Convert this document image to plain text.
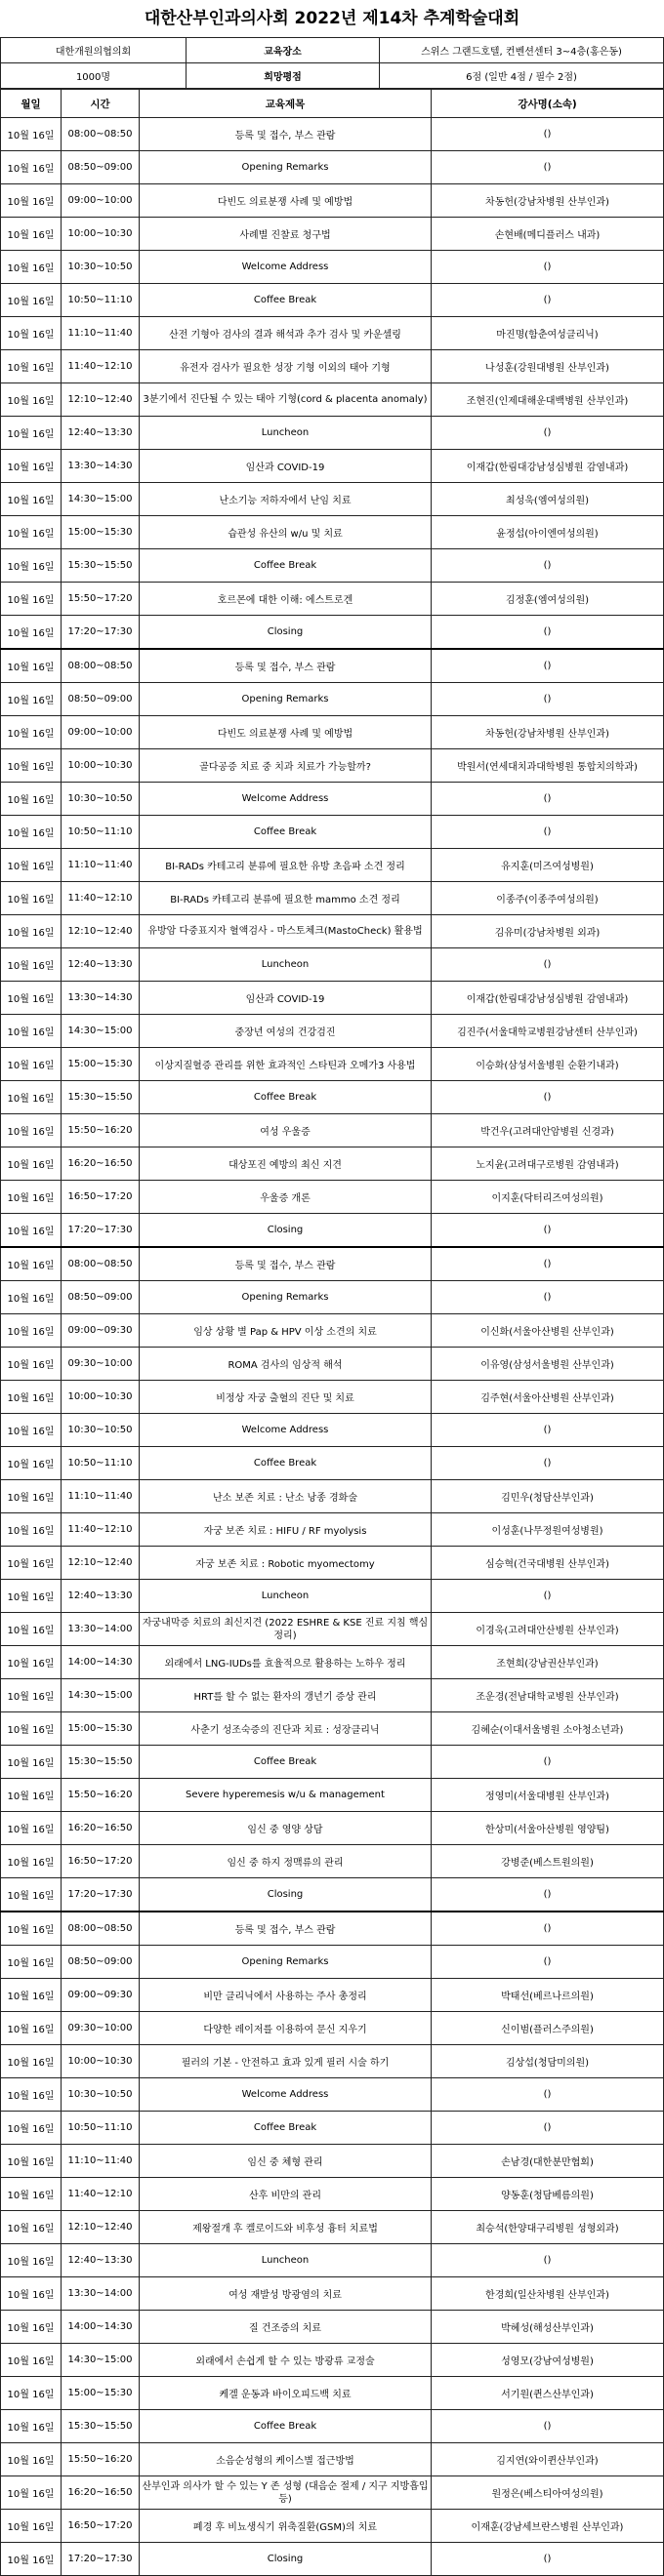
대한산부인과의사회 2022년 제14차 추계학술대회
대한개원의협의회	교육장소	스위스 그랜드호텔, 컨벤션센터 3~4층(홍은동)
1000명	희망평점	6점 (일반 4점 / 필수 2점)
월일	시간	교육제목	강사명(소속)
10월 16일	08:00~08:50	등록 및 접수, 부스 관람	()
10월 16일	08:50~09:00	Opening Remarks	()
10월 16일	09:00~10:00	다빈도 의료분쟁 사례 및 예방법	차동헌(강남차병원 산부인과)
10월 16일	10:00~10:30	사례별 진찰료 청구법	손현배(메디플러스 내과)
10월 16일	10:30~10:50	Welcome Address	()
10월 16일	10:50~11:10	Coffee Break	()
10월 16일	11:10~11:40	산전 기형아 검사의 결과 해석과 추가 검사 및 카운셀링	마진명(함춘여성클리닉)
10월 16일	11:40~12:10	유전자 검사가 필요한 성장 기형 이외의 태아 기형	나성훈(강원대병원 산부인과)
10월 16일	12:10~12:40	3분기에서 진단될 수 있는 태아 기형(cord & placenta anomaly)	조현진(인제대해운대백병원 산부인과)
10월 16일	12:40~13:30	Luncheon	()
10월 16일	13:30~14:30	임산과 COVID-19	이재갑(한림대강남성심병원 감염내과)
10월 16일	14:30~15:00	난소기능 저하자에서 난임 치료	최성욱(엠여성의원)
10월 16일	15:00~15:30	습관성 유산의 w/u 및 치료	윤정섭(아이엔여성의원)
10월 16일	15:30~15:50	Coffee Break	()
10월 16일	15:50~17:20	호르몬에 대한 이해: 에스트로겐	김정훈(엠여성의원)
10월 16일	17:20~17:30	Closing	()
10월 16일	08:00~08:50	등록 및 접수, 부스 관람	()
10월 16일	08:50~09:00	Opening Remarks	()
10월 16일	09:00~10:00	다빈도 의료분쟁 사례 및 예방법	차동헌(강남차병원 산부인과)
10월 16일	10:00~10:30	골다공증 치료 중 치과 치료가 가능할까?	박원서(연세대치과대학병원 통합치의학과)
10월 16일	10:30~10:50	Welcome Address	()
10월 16일	10:50~11:10	Coffee Break	()
10월 16일	11:10~11:40	BI-RADs 카테고리 분류에 필요한 유방 초음파 소견 정리	유지훈(미즈여성병원)
10월 16일	11:40~12:10	BI-RADs 카테고리 분류에 필요한 mammo 소견 정리	이종주(이종주여성의원)
10월 16일	12:10~12:40	유방암 다중표지자 혈액검사 - 마스토체크(MastoCheck) 활용법	김유미(강남차병원 외과)
10월 16일	12:40~13:30	Luncheon	()
10월 16일	13:30~14:30	임산과 COVID-19	이재갑(한림대강남성심병원 감염내과)
10월 16일	14:30~15:00	중장년 여성의 건강검진	김진주(서울대학교병원강남센터 산부인과)
10월 16일	15:00~15:30	이상지질혈증 관리를 위한 효과적인 스타틴과 오메가3 사용법	이승화(삼성서울병원 순환기내과)
10월 16일	15:30~15:50	Coffee Break	()
10월 16일	15:50~16:20	여성 우울증	박건우(고려대안암병원 신경과)
10월 16일	16:20~16:50	대상포진 예방의 최신 지견	노지윤(고려대구로병원 감염내과)
10월 16일	16:50~17:20	우울증 개론	이지훈(닥터리즈여성의원)
10월 16일	17:20~17:30	Closing	()
10월 16일	08:00~08:50	등록 및 접수, 부스 관람	()
10월 16일	08:50~09:00	Opening Remarks	()
10월 16일	09:00~09:30	임상 상황 별 Pap & HPV 이상 소견의 치료	이신화(서울아산병원 산부인과)
10월 16일	09:30~10:00	ROMA 검사의 임상적 해석	이유영(삼성서울병원 산부인과)
10월 16일	10:00~10:30	비정상 자궁 출혈의 진단 및 치료	김주현(서울아산병원 산부인과)
10월 16일	10:30~10:50	Welcome Address	()
10월 16일	10:50~11:10	Coffee Break	()
10월 16일	11:10~11:40	난소 보존 치료 : 난소 낭종 경화술	김민우(청담산부인과)
10월 16일	11:40~12:10	자궁 보존 치료 : HIFU / RF myolysis	이성훈(나무정원여성병원)
10월 16일	12:10~12:40	자궁 보존 치료 : Robotic myomectomy	심승혁(건국대병원 산부인과)
10월 16일	12:40~13:30	Luncheon	()
10월 16일	13:30~14:00	자궁내막증 치료의 최신지견 (2022 ESHRE & KSE 진료 지침 핵심 정리)	이경욱(고려대안산병원 산부인과)
10월 16일	14:00~14:30	외래에서 LNG-IUDs를 효율적으로 활용하는 노하우 정리	조현희(강남권산부인과)
10월 16일	14:30~15:00	HRT를 할 수 없는 환자의 갱년기 증상 관리	조운경(전남대학교병원 산부인과)
10월 16일	15:00~15:30	사춘기 성조숙증의 진단과 치료 : 성장클리닉	김혜순(이대서울병원 소아청소년과)
10월 16일	15:30~15:50	Coffee Break	()
10월 16일	15:50~16:20	Severe hyperemesis w/u & management	정영미(서울대병원 산부인과)
10월 16일	16:20~16:50	임신 중 영양 상담	한상미(서울아산병원 영양팀)
10월 16일	16:50~17:20	임신 중 하지 정맥류의 관리	강병준(베스트원의원)
10월 16일	17:20~17:30	Closing	()
10월 16일	08:00~08:50	등록 및 접수, 부스 관람	()
10월 16일	08:50~09:00	Opening Remarks	()
10월 16일	09:00~09:30	비만 클리닉에서 사용하는 주사 총정리	박태선(베르나르의원)
10월 16일	09:30~10:00	다양한 레이저를 이용하여 문신 지우기	신이범(플러스주의원)
10월 16일	10:00~10:30	필러의 기본 - 안전하고 효과 있게 필러 시술 하기	김상섭(청담미의원)
10월 16일	10:30~10:50	Welcome Address	()
10월 16일	10:50~11:10	Coffee Break	()
10월 16일	11:10~11:40	임신 중 체형 관리	손남경(대한분만협회)
10월 16일	11:40~12:10	산후 비만의 관리	양동훈(청담베름의원)
10월 16일	12:10~12:40	제왕절개 후 켈로이드와 비후성 흉터 치료법	최승석(한양대구리병원 성형외과)
10월 16일	12:40~13:30	Luncheon	()
10월 16일	13:30~14:00	여성 재발성 방광염의 치료	한경희(일산차병원 산부인과)
10월 16일	14:00~14:30	질 건조증의 치료	박혜성(해성산부인과)
10월 16일	14:30~15:00	외래에서 손쉽게 할 수 있는 방광류 교정술	성영모(강남여성병원)
10월 16일	15:00~15:30	케겔 운동과 바이오피드백 치료	서기원(퀸스산부인과)
10월 16일	15:30~15:50	Coffee Break	()
10월 16일	15:50~16:20	소음순성형의 케이스별 접근방법	김지연(와이퀸산부인과)
10월 16일	16:20~16:50	산부인과 의사가 할 수 있는 Y 존 성형 (대음순 절제 / 지구 지방흡입 등)	원정은(베스티아여성의원)
10월 16일	16:50~17:20	폐경 후 비뇨생식기 위축질환(GSM)의 치료	이재훈(강남세브란스병원 산부인과)
10월 16일	17:20~17:30	Closing	()
